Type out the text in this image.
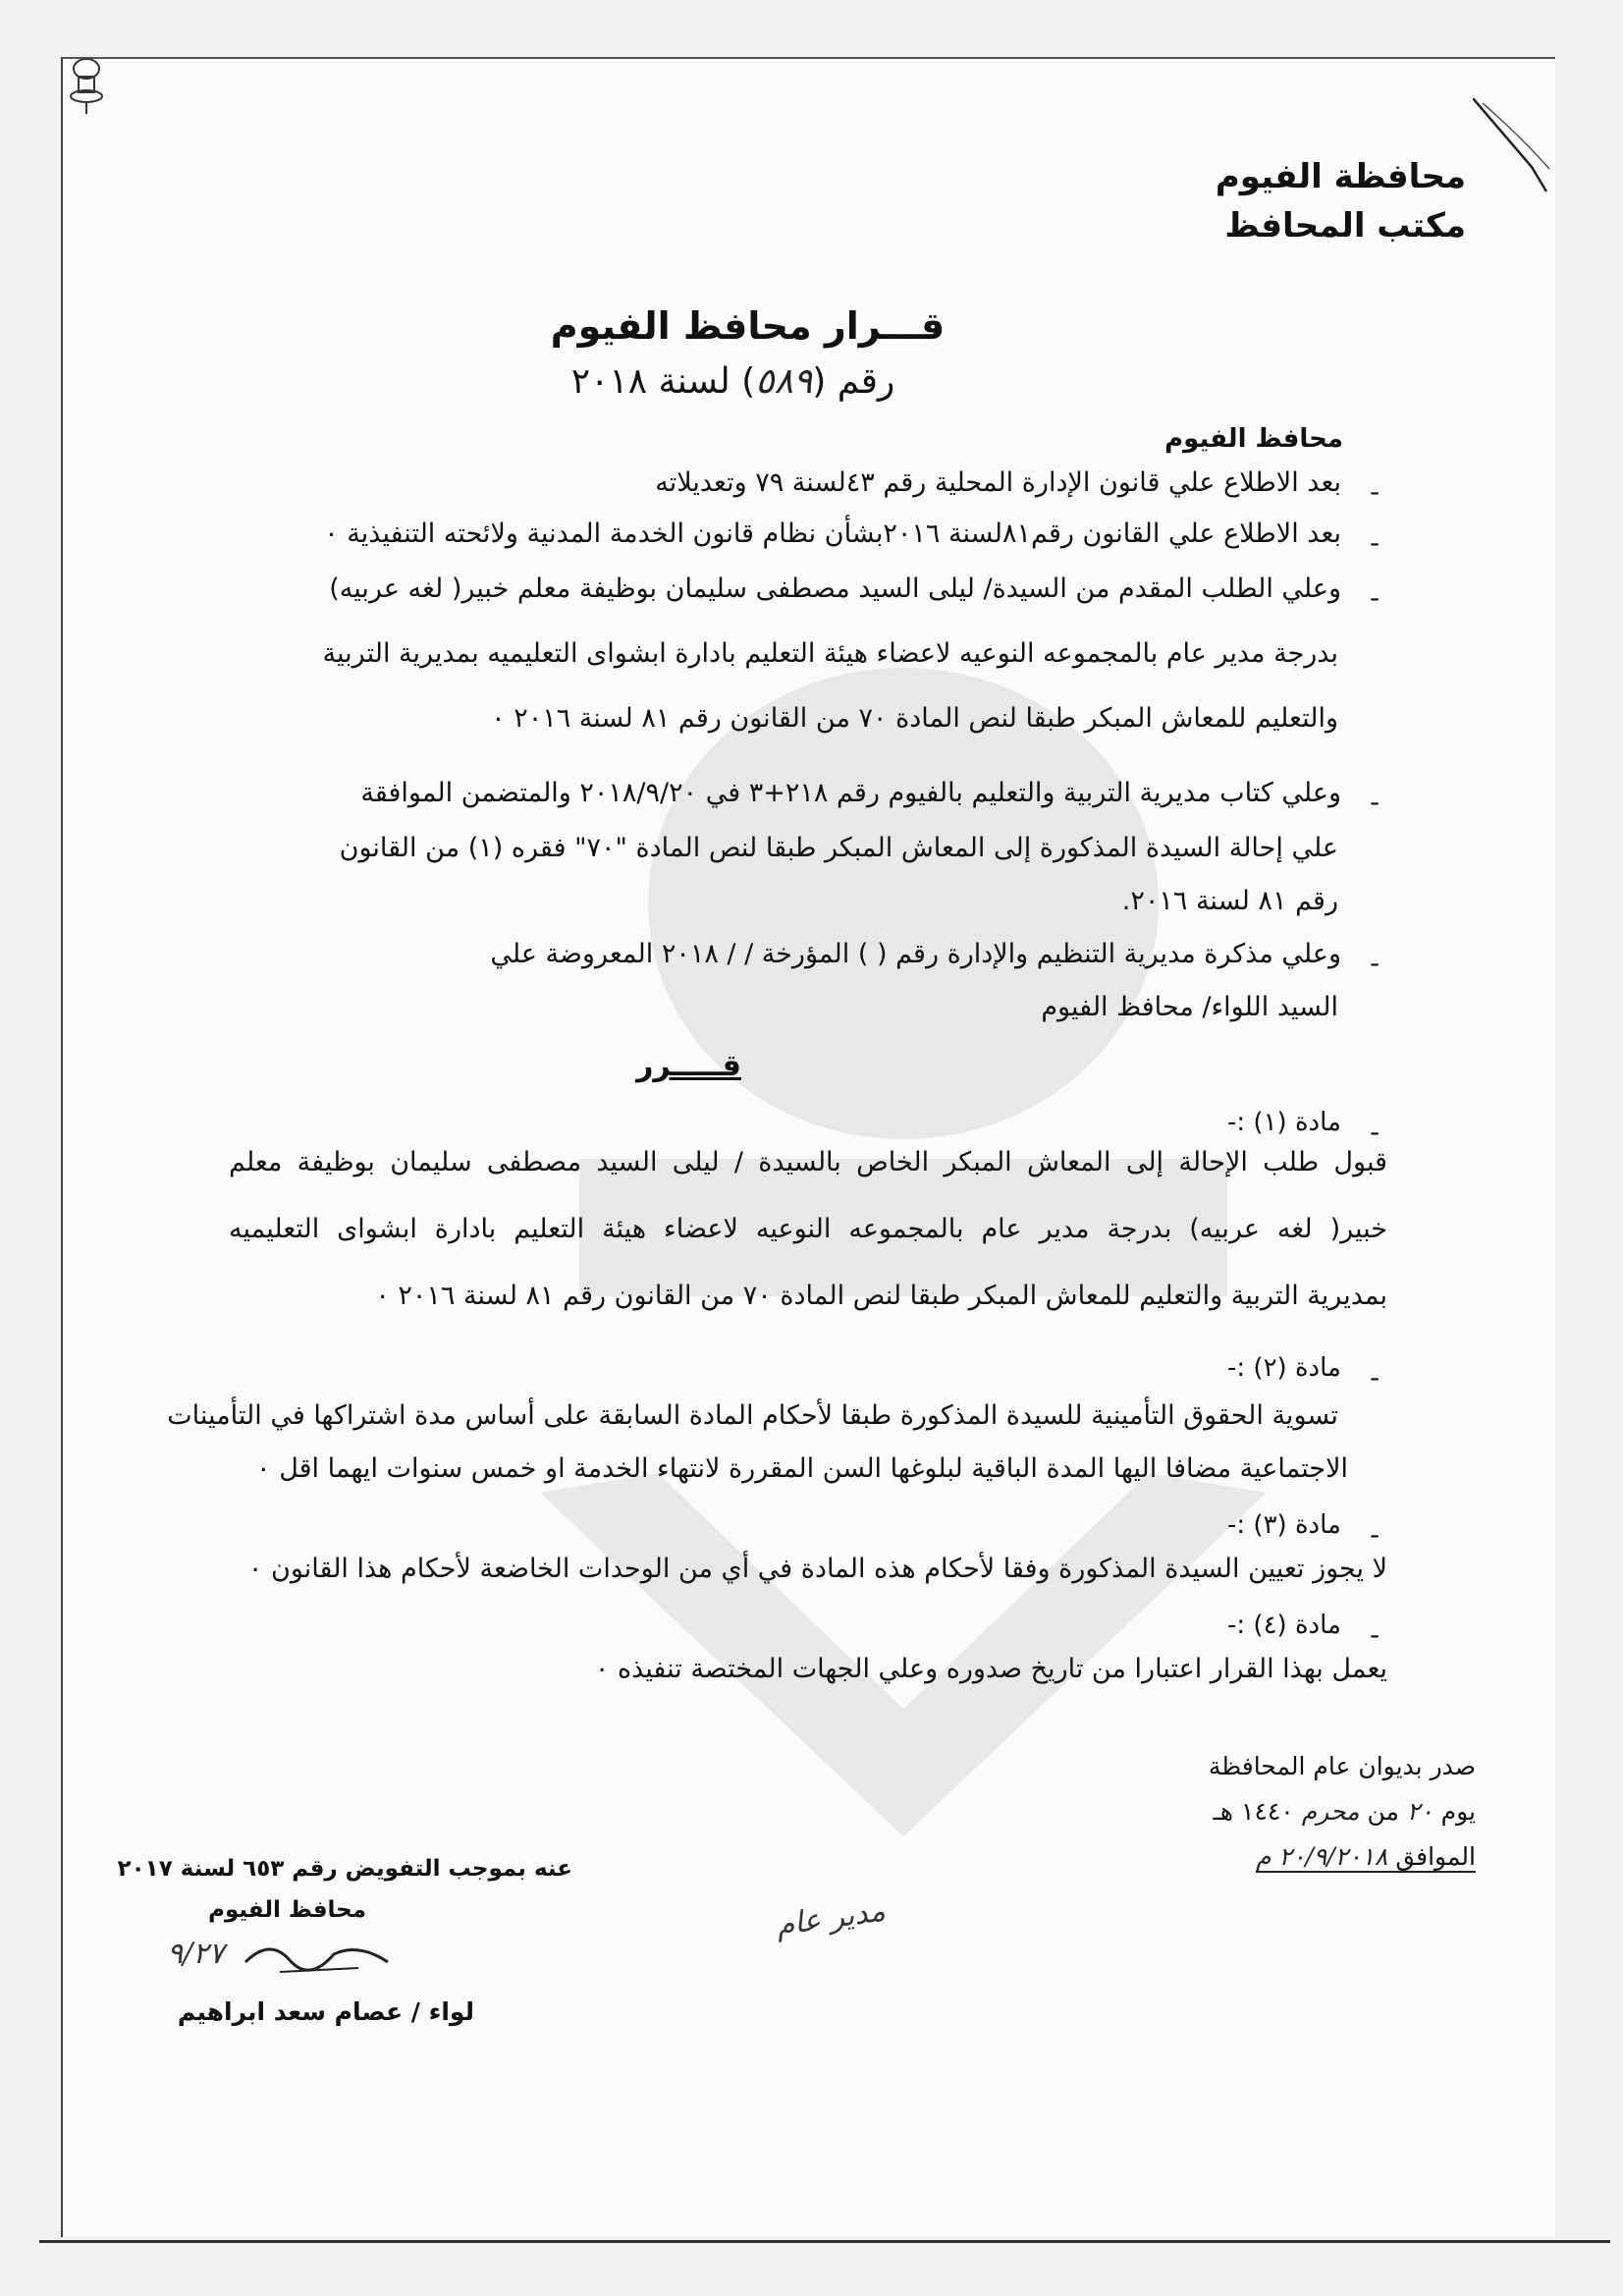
محافظة الفيوم
مكتب المحافظ
قـــرار محافظ الفيوم
رقم (٥٨٩) لسنة ٢٠١٨
محافظ الفيوم
-
بعد الاطلاع علي قانون الإدارة المحلية رقم ٤٣لسنة ٧٩ وتعديلاته
-
بعد الاطلاع علي القانون رقم٨١لسنة ٢٠١٦بشأن نظام قانون الخدمة المدنية ولائحته التنفيذية ٠
-
وعلي الطلب المقدم من السيدة/ ليلى السيد مصطفى سليمان بوظيفة معلم خبير( لغه عربيه)
بدرجة مدير عام بالمجموعه النوعيه لاعضاء هيئة التعليم بادارة ابشواى التعليميه بمديرية التربية
والتعليم للمعاش المبكر طبقا لنص المادة ٧٠ من القانون رقم ٨١ لسنة ٢٠١٦ ٠
-
وعلي كتاب مديرية التربية والتعليم بالفيوم رقم ٢١٨+٣ في ٢٠١٨/٩/٢٠ والمتضمن الموافقة
علي إحالة السيدة المذكورة إلى المعاش المبكر طبقا لنص المادة "٧٠" فقره (١) من القانون
رقم ٨١ لسنة ٢٠١٦.
-
وعلي مذكرة مديرية التنظيم والإدارة رقم ( ) المؤرخة / / ٢٠١٨ المعروضة علي
السيد اللواء/ محافظ الفيوم
قـــــرر
-
مادة (١) :-
قبول طلب الإحالة إلى المعاش المبكر الخاص بالسيدة / ليلى السيد مصطفى سليمان بوظيفة معلم
خبير( لغه عربيه) بدرجة مدير عام بالمجموعه النوعيه لاعضاء هيئة التعليم بادارة ابشواى التعليميه
بمديرية التربية والتعليم للمعاش المبكر طبقا لنص المادة ٧٠ من القانون رقم ٨١ لسنة ٢٠١٦ ٠
-
مادة (٢) :-
تسوية الحقوق التأمينية للسيدة المذكورة طبقا لأحكام المادة السابقة على أساس مدة اشتراكها في التأمينات
الاجتماعية مضافا اليها المدة الباقية لبلوغها السن المقررة لانتهاء الخدمة او خمس سنوات ايهما اقل ٠
-
مادة (٣) :-
لا يجوز تعيين السيدة المذكورة وفقا لأحكام هذه المادة في أي من الوحدات الخاضعة لأحكام هذا القانون ٠
-
مادة (٤) :-
يعمل بهذا القرار اعتبارا من تاريخ صدوره وعلي الجهات المختصة تنفيذه ٠
صدر بديوان عام المحافظة
يوم ٢٠ من محرم ١٤٤٠ هـ
الموافق ٢٠/٩/٢٠١٨ م
عنه بموجب التفويض رقم ٦٥٣ لسنة ٢٠١٧
محافظ الفيوم
٩/٢٧
لواء / عصام سعد ابراهيم
مدير عام
